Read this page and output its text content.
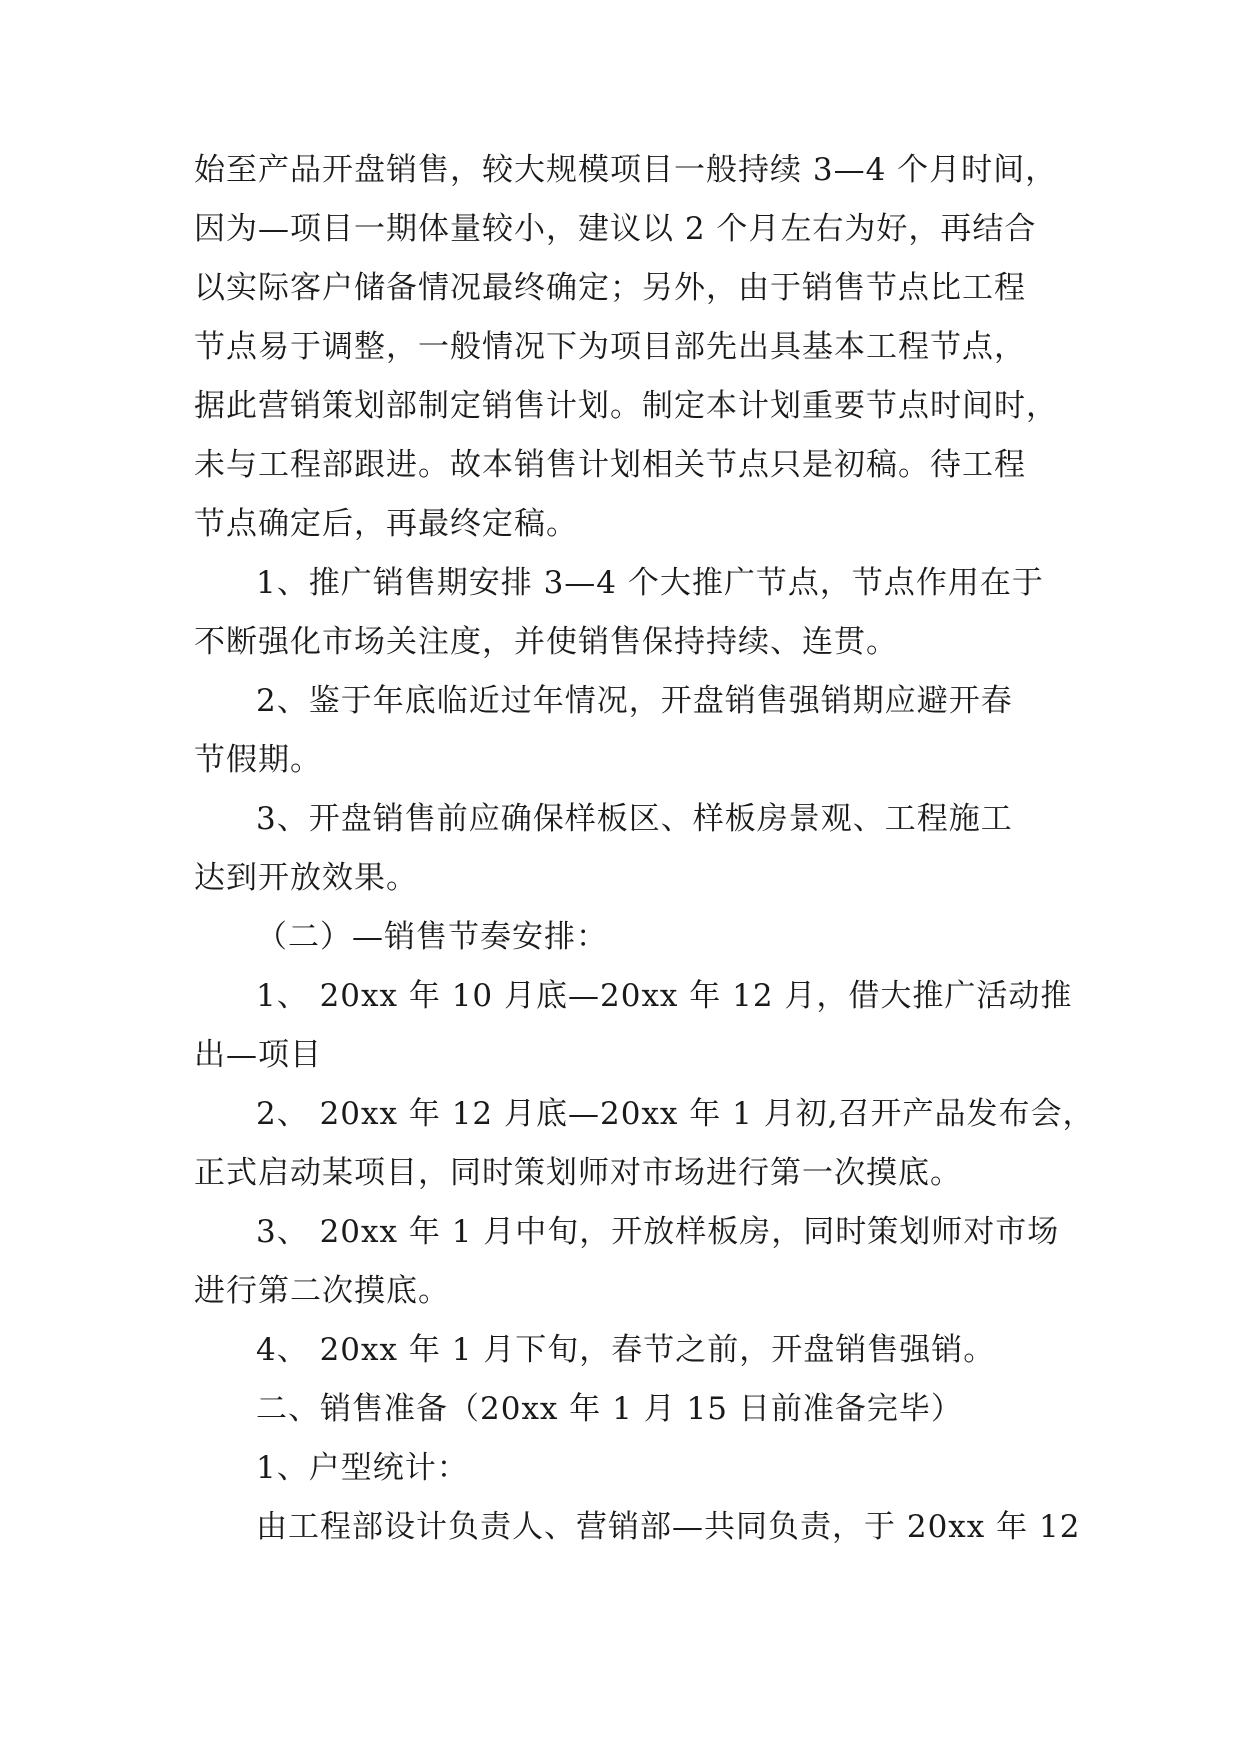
始至产品开盘销售，较大规模项目一般持续 3—4 个月时间，
因为—项目一期体量较小，建议以 2 个月左右为好，再结合
以实际客户储备情况最终确定；另外，由于销售节点比工程
节点易于调整，一般情况下为项目部先出具基本工程节点，
据此营销策划部制定销售计划。制定本计划重要节点时间时，
未与工程部跟进。故本销售计划相关节点只是初稿。待工程
节点确定后，再最终定稿。
1、推广销售期安排 3—4 个大推广节点，节点作用在于
不断强化市场关注度，并使销售保持持续、连贯。
2、鉴于年底临近过年情况，开盘销售强销期应避开春
节假期。
3、开盘销售前应确保样板区、样板房景观、工程施工
达到开放效果。
（二）—销售节奏安排：
1、 20xx 年 10 月底—20xx 年 12 月，借大推广活动推
出—项目
2、 20xx 年 12 月底—20xx 年 1 月初,召开产品发布会，
正式启动某项目，同时策划师对市场进行第一次摸底。
3、 20xx 年 1 月中旬，开放样板房，同时策划师对市场
进行第二次摸底。
4、 20xx 年 1 月下旬，春节之前，开盘销售强销。
二、销售准备（20xx 年 1 月 15 日前准备完毕）
1、户型统计：
由工程部设计负责人、营销部—共同负责，于 20xx 年 12
